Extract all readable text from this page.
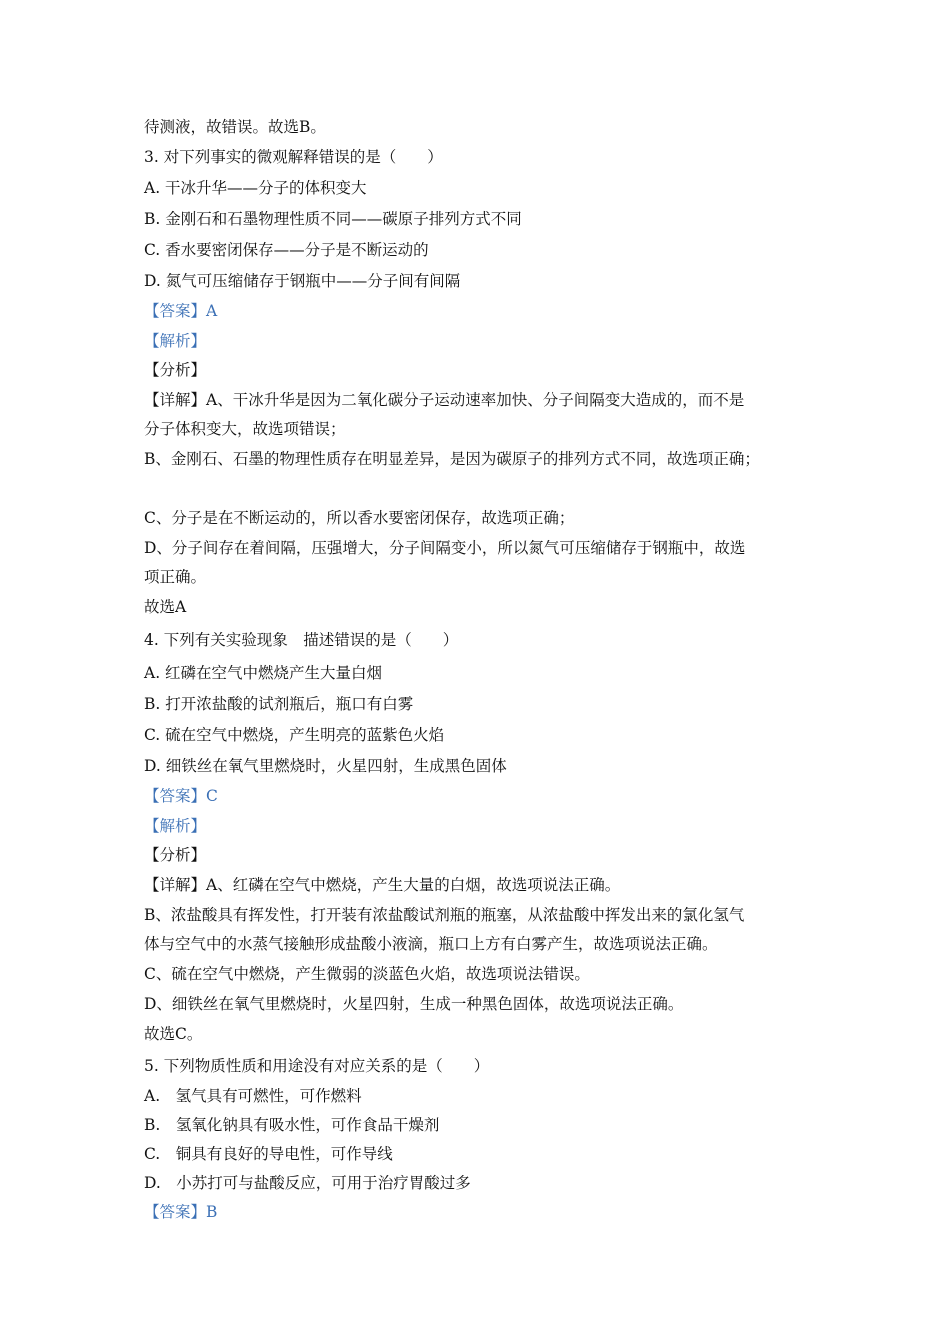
待测液，故错误。故选B。
3. 对下列事实的微观解释错误的是（　　）
A. 干冰升华——分子的体积变大
B. 金刚石和石墨物理性质不同——碳原子排列方式不同
C. 香水要密闭保存——分子是不断运动的
D. 氮气可压缩储存于钢瓶中——分子间有间隔
【答案】A
【解析】
【分析】
【详解】A、干冰升华是因为二氧化碳分子运动速率加快、分子间隔变大造成的，而不是
分子体积变大，故选项错误；
B、金刚石、石墨的物理性质存在明显差异，是因为碳原子的排列方式不同，故选项正确；
C、分子是在不断运动的，所以香水要密闭保存，故选项正确；
D、分子间存在着间隔，压强增大，分子间隔变小，所以氮气可压缩储存于钢瓶中，故选
项正确。
故选A
4. 下列有关实验现象　描述错误的是（　　）
A. 红磷在空气中燃烧产生大量白烟
B. 打开浓盐酸的试剂瓶后，瓶口有白雾
C. 硫在空气中燃烧，产生明亮的蓝紫色火焰
D. 细铁丝在氧气里燃烧时，火星四射，生成黑色固体
【答案】C
【解析】
【分析】
【详解】A、红磷在空气中燃烧，产生大量的白烟，故选项说法正确。
B、浓盐酸具有挥发性，打开装有浓盐酸试剂瓶的瓶塞，从浓盐酸中挥发出来的氯化氢气
体与空气中的水蒸气接触形成盐酸小液滴，瓶口上方有白雾产生，故选项说法正确。
C、硫在空气中燃烧，产生微弱的淡蓝色火焰，故选项说法错误。
D、细铁丝在氧气里燃烧时，火星四射，生成一种黑色固体，故选项说法正确。
故选C。
5. 下列物质性质和用途没有对应关系的是（　　）
A.　氢气具有可燃性，可作燃料
B.　氢氧化钠具有吸水性，可作食品干燥剂
C.　铜具有良好的导电性，可作导线
D.　小苏打可与盐酸反应，可用于治疗胃酸过多
【答案】B
